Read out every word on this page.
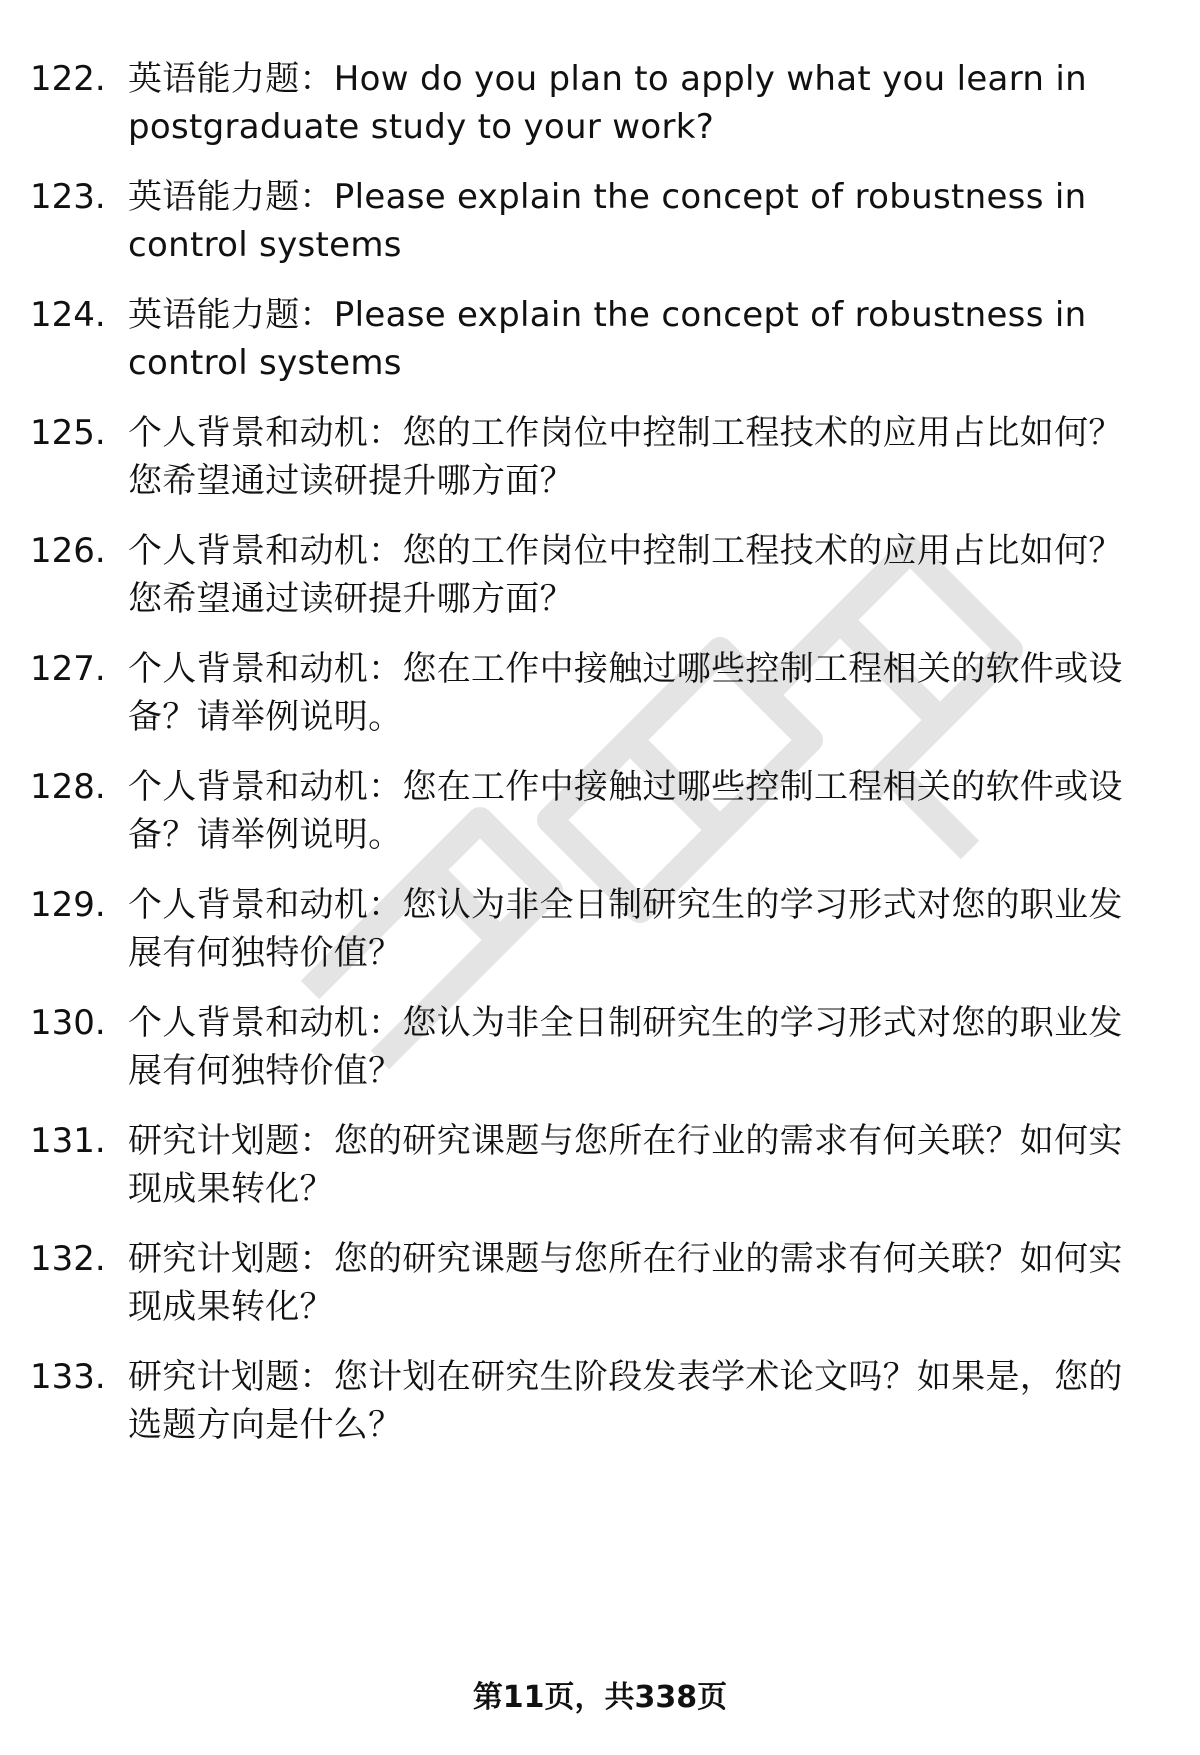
122. 英语能力题：How do you plan to apply what you learn in postgraduate study to your work?
123. 英语能力题：Please explain the concept of robustness in control systems
124. 英语能力题：Please explain the concept of robustness in control systems
125. 个人背景和动机：您的工作岗位中控制工程技术的应用占比如何？您希望通过读研提升哪方面？
126. 个人背景和动机：您的工作岗位中控制工程技术的应用占比如何？您希望通过读研提升哪方面？
127. 个人背景和动机：您在工作中接触过哪些控制工程相关的软件或设备？请举例说明。
128. 个人背景和动机：您在工作中接触过哪些控制工程相关的软件或设备？请举例说明。
129. 个人背景和动机：您认为非全日制研究生的学习形式对您的职业发展有何独特价值？
130. 个人背景和动机：您认为非全日制研究生的学习形式对您的职业发展有何独特价值？
131. 研究计划题：您的研究课题与您所在行业的需求有何关联？如何实现成果转化？
132. 研究计划题：您的研究课题与您所在行业的需求有何关联？如何实现成果转化？
133. 研究计划题：您计划在研究生阶段发表学术论文吗？如果是，您的选题方向是什么？
第11页，共338页
